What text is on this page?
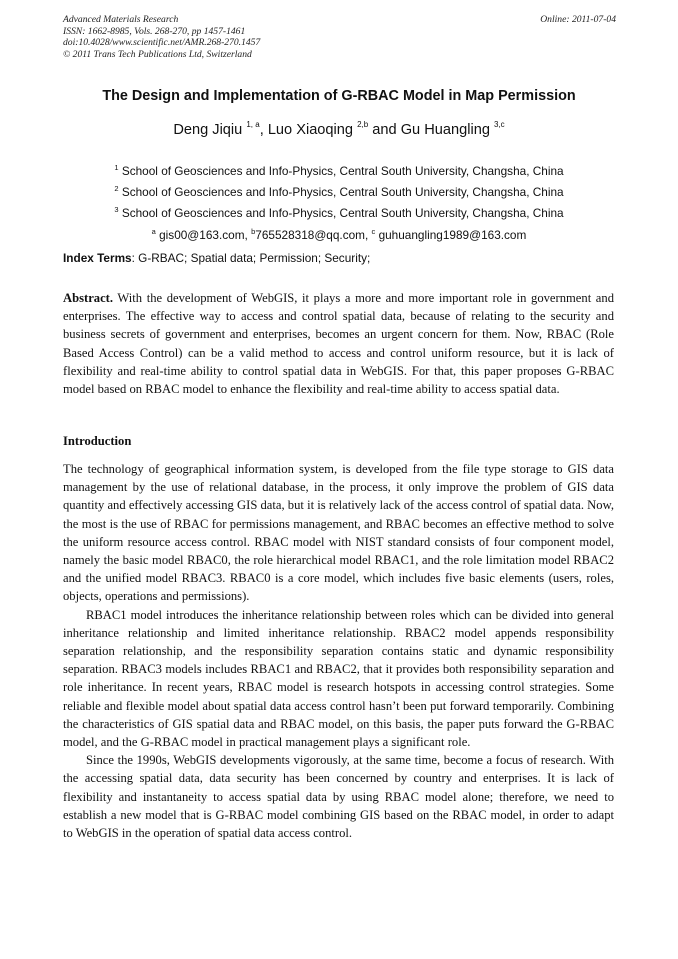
Advanced Materials Research
ISSN: 1662-8985, Vols. 268-270, pp 1457-1461
doi:10.4028/www.scientific.net/AMR.268-270.1457
© 2011 Trans Tech Publications Ltd, Switzerland
Online: 2011-07-04
The Design and Implementation of G-RBAC Model in Map Permission
Deng Jiqiu $^{1, a}$, Luo Xiaoqing $^{2,b}$ and Gu Huangling $^{3,c}$
$^1$ School of Geosciences and Info-Physics, Central South University, Changsha, China
$^2$ School of Geosciences and Info-Physics, Central South University, Changsha, China
$^3$ School of Geosciences and Info-Physics, Central South University, Changsha, China
$^a$ gis00@163.com, $^b$765528318@qq.com, $^c$ guhuangling1989@163.com
Index Terms: G-RBAC; Spatial data; Permission; Security;
Abstract. With the development of WebGIS, it plays a more and more important role in government and enterprises. The effective way to access and control spatial data, because of relating to the security and business secrets of government and enterprises, becomes an urgent concern for them. Now, RBAC (Role Based Access Control) can be a valid method to access and control uniform resource, but it is lack of flexibility and real-time ability to control spatial data in WebGIS. For that, this paper proposes G-RBAC model based on RBAC model to enhance the flexibility and real-time ability to access spatial data.
Introduction

The technology of geographical information system, is developed from the file type storage to GIS data management by the use of relational database, in the process, it only improve the problem of GIS data quantity and effectively accessing GIS data, but it is relatively lack of the access control of spatial data. Now, the most is the use of RBAC for permissions management, and RBAC becomes an effective method to solve the uniform resource access control. RBAC model with NIST standard consists of four component model, namely the basic model RBAC0, the role hierarchical model RBAC1, and the role limitation model RBAC2 and the unified model RBAC3. RBAC0 is a core model, which includes five basic elements (users, roles, objects, operations and permissions).

RBAC1 model introduces the inheritance relationship between roles which can be divided into general inheritance relationship and limited inheritance relationship. RBAC2 model appends responsibility separation relationship, and the responsibility separation contains static and dynamic responsibility separation. RBAC3 models includes RBAC1 and RBAC2, that it provides both responsibility separation and role inheritance. In recent years, RBAC model is research hotspots in accessing control strategies. Some reliable and flexible model about spatial data access control hasn’t been put forward temporarily. Combining the characteristics of GIS spatial data and RBAC model, on this basis, the paper puts forward the G-RBAC model, and the G-RBAC model in practical management plays a significant role.

Since the 1990s, WebGIS developments vigorously, at the same time, become a focus of research. With the accessing spatial data, data security has been concerned by country and enterprises. It is lack of flexibility and instantaneity to access spatial data by using RBAC model alone; therefore, we need to establish a new model that is G-RBAC model combining GIS based on the RBAC model, in order to adapt to WebGIS in the operation of spatial data access control.
